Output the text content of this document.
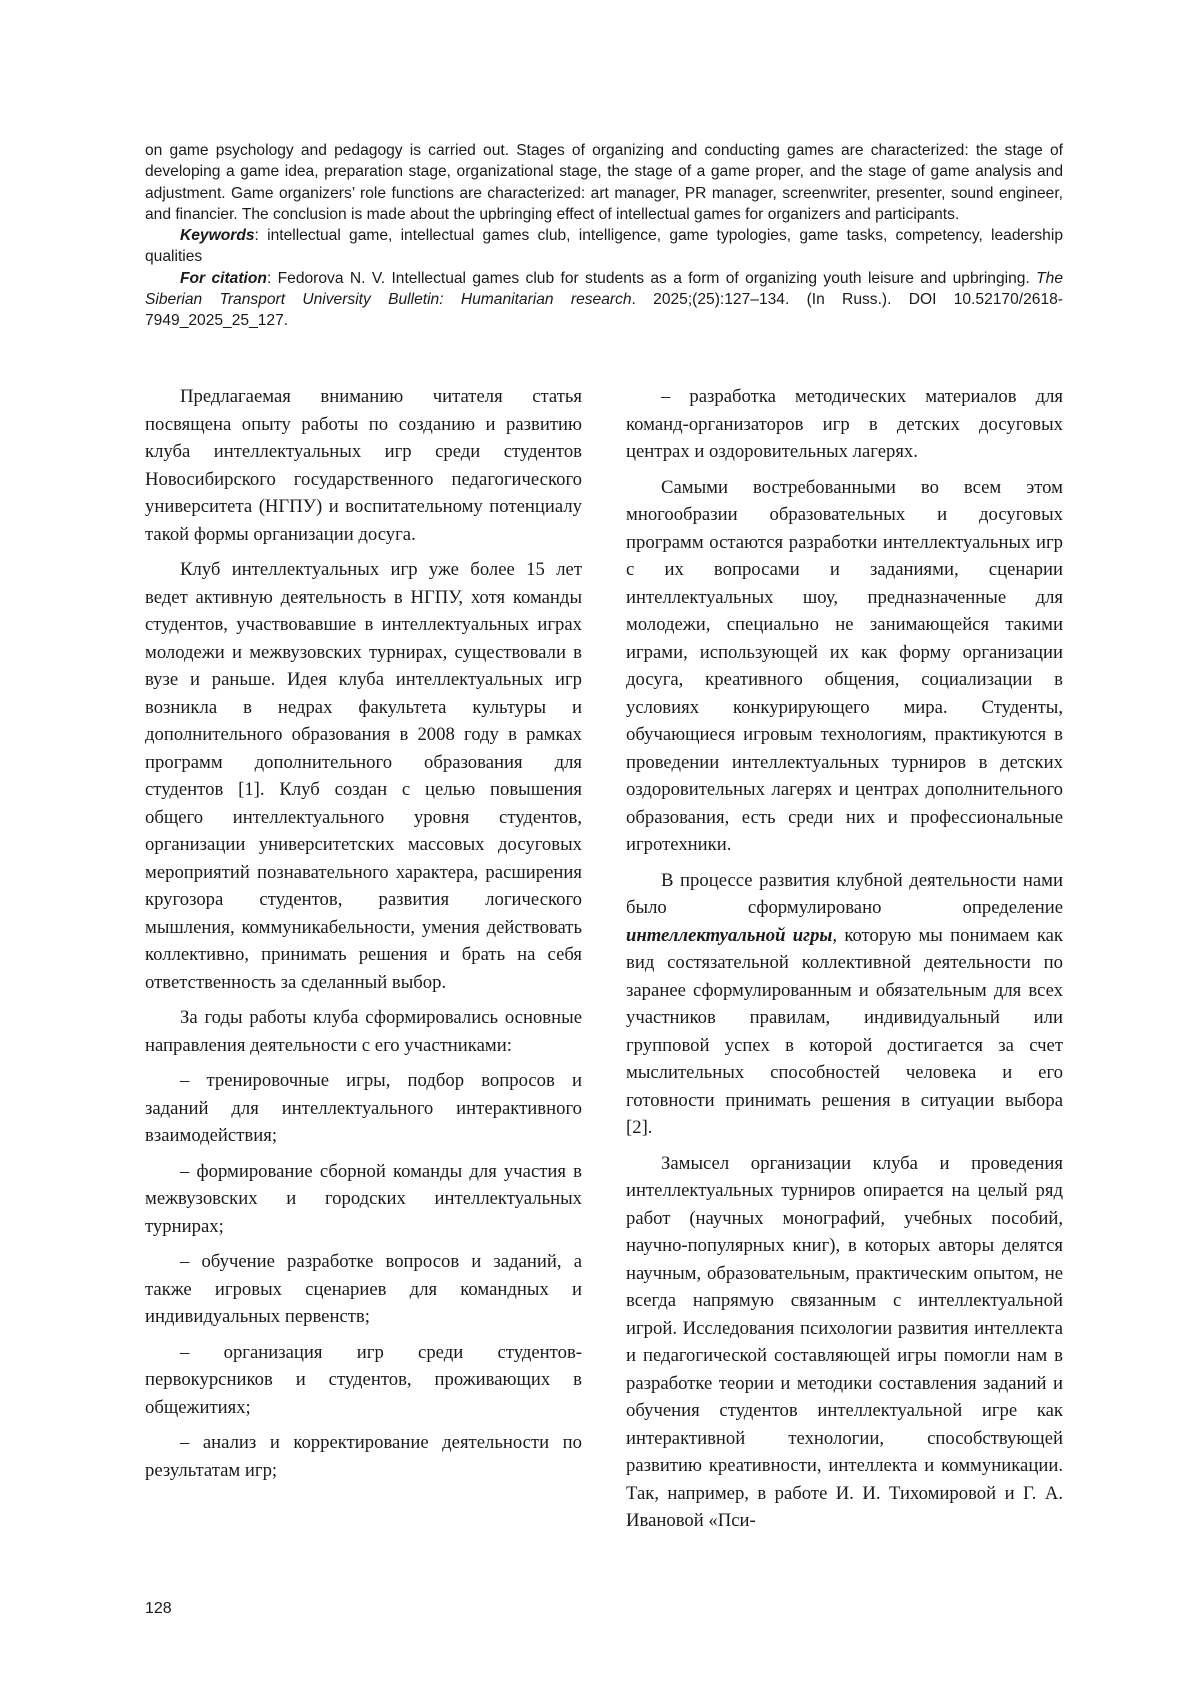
on game psychology and pedagogy is carried out. Stages of organizing and conducting games are characterized: the stage of developing a game idea, preparation stage, organizational stage, the stage of a game proper, and the stage of game analysis and adjustment. Game organizers’ role functions are characterized: art manager, PR manager, screenwriter, presenter, sound engineer, and financier. The conclusion is made about the upbringing effect of intellectual games for organizers and participants.

Keywords: intellectual game, intellectual games club, intelligence, game typologies, game tasks, competency, leadership qualities

For citation: Fedorova N. V. Intellectual games club for students as a form of organizing youth leisure and upbringing. The Siberian Transport University Bulletin: Humanitarian research. 2025;(25):127–134. (In Russ.). DOI 10.52170/2618-7949_2025_25_127.

Предлагаемая вниманию читателя статья посвящена опыту работы по созданию и развитию клуба интеллектуальных игр среди студентов Новосибирского государственного педагогического университета (НГПУ) и воспитательному потенциалу такой формы организации досуга.

Клуб интеллектуальных игр уже более 15 лет ведет активную деятельность в НГПУ, хотя команды студентов, участвовавшие в интеллектуальных играх молодежи и межвузовских турнирах, существовали в вузе и раньше. Идея клуба интеллектуальных игр возникла в недрах факультета культуры и дополнительного образования в 2008 году в рамках программ дополнительного образования для студентов [1]. Клуб создан с целью повышения общего интеллектуального уровня студентов, организации университетских массовых досуговых мероприятий познавательного характера, расширения кругозора студентов, развития логического мышления, коммуникабельности, умения действовать коллективно, принимать решения и брать на себя ответственность за сделанный выбор.

За годы работы клуба сформировались основные направления деятельности с его участниками:

– тренировочные игры, подбор вопросов и заданий для интеллектуального интерактивного взаимодействия;

– формирование сборной команды для участия в межвузовских и городских интеллектуальных турнирах;

– обучение разработке вопросов и заданий, а также игровых сценариев для командных и индивидуальных первенств;

– организация игр среди студентов-первокурсников и студентов, проживающих в общежитиях;

– анализ и корректирование деятельности по результатам игр;

– разработка методических материалов для команд-организаторов игр в детских досуговых центрах и оздоровительных лагерях.

Самыми востребованными во всем этом многообразии образовательных и досуговых программ остаются разработки интеллектуальных игр с их вопросами и заданиями, сценарии интеллектуальных шоу, предназначенные для молодежи, специально не занимающейся такими играми, использующей их как форму организации досуга, креативного общения, социализации в условиях конкурирующего мира. Студенты, обучающиеся игровым технологиям, практикуются в проведении интеллектуальных турниров в детских оздоровительных лагерях и центрах дополнительного образования, есть среди них и профессиональные игротехники.

В процессе развития клубной деятельности нами было сформулировано определение интеллектуальной игры, которую мы понимаем как вид состязательной коллективной деятельности по заранее сформулированным и обязательным для всех участников правилам, индивидуальный или групповой успех в которой достигается за счет мыслительных способностей человека и его готовности принимать решения в ситуации выбора [2].

Замысел организации клуба и проведения интеллектуальных турниров опирается на целый ряд работ (научных монографий, учебных пособий, научно-популярных книг), в которых авторы делятся научным, образовательным, практическим опытом, не всегда напрямую связанным с интеллектуальной игрой. Исследования психологии развития интеллекта и педагогической составляющей игры помогли нам в разработке теории и методики составления заданий и обучения студентов интеллектуальной игре как интерактивной технологии, способствующей развитию креативности, интеллекта и коммуникации. Так, например, в работе И. И. Тихомировой и Г. А. Ивановой «Пси-

128
